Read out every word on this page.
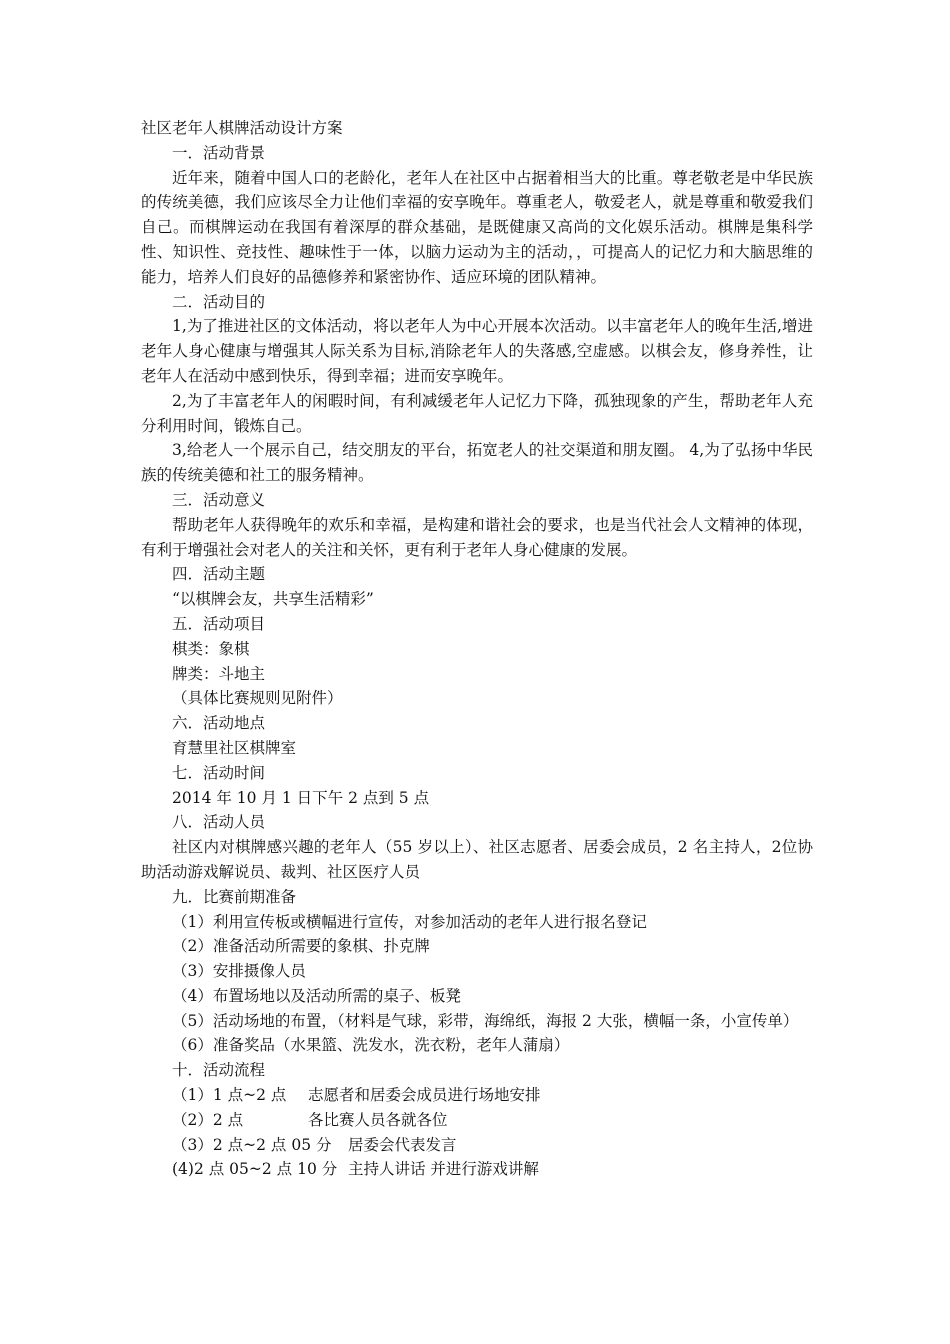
社区老年人棋牌活动设计方案
一．活动背景
近年来，随着中国人口的老龄化，老年人在社区中占据着相当大的比重。尊老敬老是中华民族的传统美德，我们应该尽全力让他们幸福的安享晚年。尊重老人，敬爱老人，就是尊重和敬爱我们自己。而棋牌运动在我国有着深厚的群众基础，是既健康又高尚的文化娱乐活动。棋牌是集科学性、知识性、竞技性、趣味性于一体，以脑力运动为主的活动，，可提高人的记忆力和大脑思维的能力，培养人们良好的品德修养和紧密协作、适应环境的团队精神。
二．活动目的
1,为了推进社区的文体活动，将以老年人为中心开展本次活动。以丰富老年人的晚年生活,增进老年人身心健康与增强其人际关系为目标,消除老年人的失落感,空虚感。以棋会友，修身养性，让老年人在活动中感到快乐，得到幸福；进而安享晚年。
2,为了丰富老年人的闲暇时间，有利减缓老年人记忆力下降，孤独现象的产生，帮助老年人充分利用时间，锻炼自己。
3,给老人一个展示自己，结交朋友的平台，拓宽老人的社交渠道和朋友圈。 4,为了弘扬中华民族的传统美德和社工的服务精神。
三．活动意义
帮助老年人获得晚年的欢乐和幸福，是构建和谐社会的要求，也是当代社会人文精神的体现，有利于增强社会对老人的关注和关怀，更有利于老年人身心健康的发展。
四．活动主题
“以棋牌会友，共享生活精彩”
五．活动项目
棋类：象棋
牌类：斗地主
（具体比赛规则见附件）
六．活动地点
育慧里社区棋牌室
七．活动时间
2014 年 10 月 1 日下午 2 点到 5 点
八．活动人员
社区内对棋牌感兴趣的老年人（55 岁以上）、社区志愿者、居委会成员，2 名主持人，2位协助活动游戏解说员、裁判、社区医疗人员
九．比赛前期准备
（1）利用宣传板或横幅进行宣传，对参加活动的老年人进行报名登记
（2）准备活动所需要的象棋、扑克牌
（3）安排摄像人员
（4）布置场地以及活动所需的桌子、板凳
（5）活动场地的布置，（材料是气球，彩带，海绵纸，海报 2 大张，横幅一条，小宣传单）
（6）准备奖品（水果篮、洗发水，洗衣粉，老年人蒲扇）
十．活动流程
（1）1 点~2 点 志愿者和居委会成员进行场地安排
（2）2 点	各比赛人员各就各位
（3）2 点~2 点 05 分 居委会代表发言
(4)2 点 05~2 点 10 分 主持人讲话 并进行游戏讲解
